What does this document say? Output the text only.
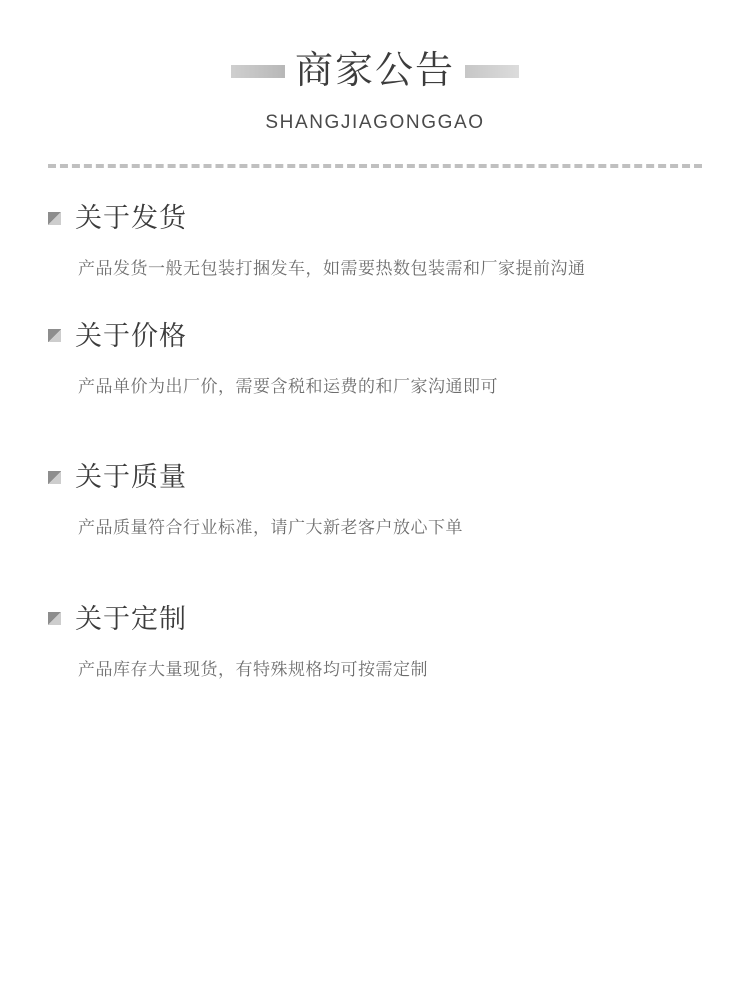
商家公告
SHANGJIAGONGGAO
关于发货
产品发货一般无包装打捆发车，如需要热数包装需和厂家提前沟通
关于价格
产品单价为出厂价，需要含税和运费的和厂家沟通即可
关于质量
产品质量符合行业标准，请广大新老客户放心下单
关于定制
产品库存大量现货，有特殊规格均可按需定制
